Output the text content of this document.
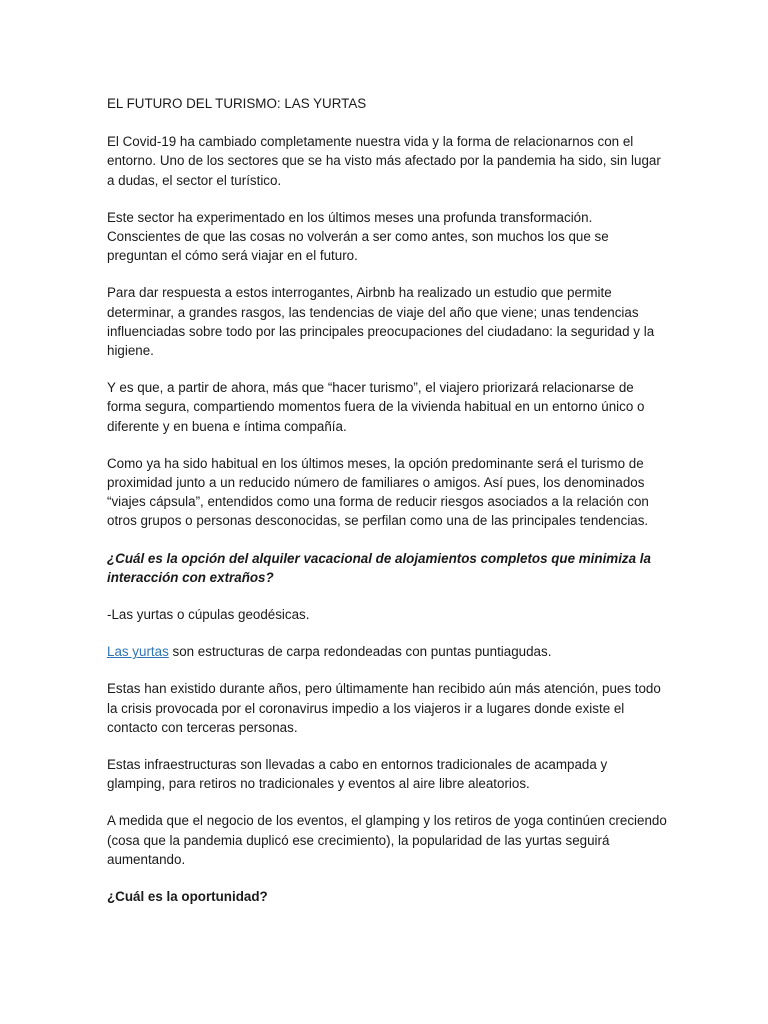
EL FUTURO DEL TURISMO: LAS YURTAS

El Covid-19 ha cambiado completamente nuestra vida y la forma de relacionarnos con el entorno. Uno de los sectores que se ha visto más afectado por la pandemia ha sido, sin lugar a dudas, el sector el turístico.

Este sector ha experimentado en los últimos meses una profunda transformación. Conscientes de que las cosas no volverán a ser como antes, son muchos los que se preguntan el cómo será viajar en el futuro.

Para dar respuesta a estos interrogantes, Airbnb ha realizado un estudio que permite determinar, a grandes rasgos, las tendencias de viaje del año que viene; unas tendencias influenciadas sobre todo por las principales preocupaciones del ciudadano: la seguridad y la higiene.

Y es que, a partir de ahora, más que “hacer turismo”, el viajero priorizará relacionarse de forma segura, compartiendo momentos fuera de la vivienda habitual en un entorno único o diferente y en buena e íntima compañía.

Como ya ha sido habitual en los últimos meses, la opción predominante será el turismo de proximidad junto a un reducido número de familiares o amigos. Así pues, los denominados “viajes cápsula”, entendidos como una forma de reducir riesgos asociados a la relación con otros grupos o personas desconocidas, se perfilan como una de las principales tendencias.

¿Cuál es la opción del alquiler vacacional de alojamientos completos que minimiza la interacción con extraños?

-Las yurtas o cúpulas geodésicas.

Las yurtas son estructuras de carpa redondeadas con puntas puntiagudas.

Estas han existido durante años, pero últimamente han recibido aún más atención, pues todo la crisis provocada por el coronavirus impedio a los viajeros ir a lugares donde existe el contacto con terceras personas.

Estas infraestructuras son llevadas a cabo en entornos tradicionales de acampada y glamping, para retiros no tradicionales y eventos al aire libre aleatorios.

A medida que el negocio de los eventos, el glamping y los retiros de yoga continúen creciendo (cosa que la pandemia duplicó ese crecimiento), la popularidad de las yurtas seguirá aumentando.

¿Cuál es la oportunidad?
